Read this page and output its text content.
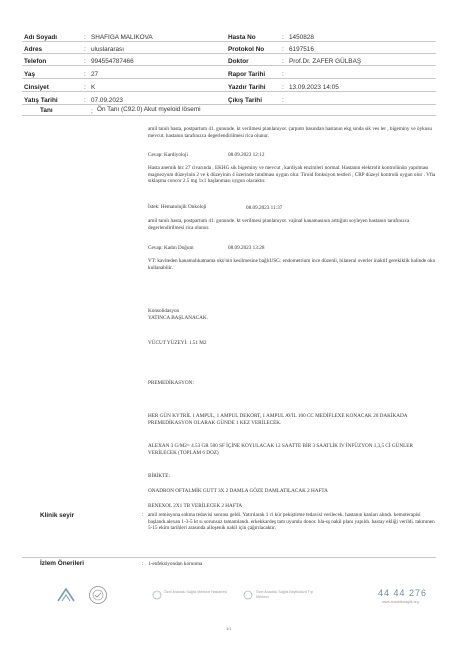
Adı Soyadı	: SHAFIGA MALIKOVA
Adres	: uluslararası
Telefon	: 994554787466
Yaş	: 27
Cinsiyet	: K
Yatış Tarihi	: 07.09.2023
Hasta No	: 1450828
Protokol No	: 6197516
Doktor	: Prof.Dr. ZAFER GÜLBAŞ
Rapor Tarihi	:
Yazdır Tarihi	: 13.09.2023 14:05
Çıkış Tarihi	:
Tanı	; Ön Tanı (C92.0) Akut myeloid lösemi
amil tanılı hasta, postpartum 41. gununde. kt verilmesi planlanıyor. çarpıntı basından hastanın ekg sında sik ves ler , bigeminy ve öykusu mevcut. hastanın tarafınızca degerlendirilmesi rica olunur.
Cevap: Kardiyoloji	08.09.2023 12:12
Hasta anemik htc 27 civarında , EKHG sik bigeminy ve mevcut , kardiyak enzimleri normal. Hastanın elektrolit kontrolünün yapılması magnezyum düzeyinin 2 ve k düzeyinin 4 üzerinde tutulması uygun olur. Tiroid fonksiyon testleri , CRP düzeyi kontrolü uygun olur . Vfia sıklaşma concor 2.5 mg 1x1 başlanması uygun olacaktır.
İstek: Hematolojik Onkoloji	08.09.2023 11:37
amil tanılı hasta, postpartum 41. gununde. kt verilmesi planlanıyor. vajinal kanamasının arttığını soyleyen hastanın tarafınızca degerlendirilmesi rica olunur.
Cevap: Kadın Doğum	08.09.2023 13:28
VT: kaviteden kanamalıkamama oko'nin kesilmesine bağlıUSG: endometrium ince düzenli, bilateral overler inaktif gerekiklik halinde oko kullanabilir.
Konsolidasyon
YATINCA BAŞLANACAK.
VÜCUT YÜZEYİ: 1.51 M2
PREMEDİKASYON:
HER GÜN KYTRİL 1 AMPUL, 1 AMPUL DEKORT, 1 AMPUL AVİL 100 CC MEDİFLEXE KONACAK 20 DAKİKADA PREMEDİKASYON OLARAK GÜNDE 1 KEZ VERİLECEK.
ALEXAN 3 G/M2= 4.53 GR 500 SF İÇİNE KOYULACAK 12 SAATTE BİR 3 SAATLİK İV İNFÜZYON 1,3,5 Cİ GÜNLER VERİLECEK (TOPLAM 6 DOZ)
BİRİKTE:
ONADRON OFTALMİK GUTT 3X 2 DAMLA GÖZE DAMLATILACAK 2 HAFTA
BENEXOL 2X1 TB VERİLECEK 2 HAFTA
Klinik seyir	: amil remisyona sokma tedavisi sonrası geldi. Yatırılarak 1 ci kür pekiştirme tedavisi verilecek. hastanın kanları alındı. kemoterapisi başlandı.alexan 1-3-5 kt sı sorunsuz tamamlandı. erkekkardeş tam uyumlu donor. hla-sş nakil planı yapıldı. hastay ekliği verildi. takmınen 5-15 ekim tarihleri arasında alloşenik nakil için çağırılacaktır.
İzlem Önerileri	: 1-enfeksiyondan korunma
Özel Anadolu Sağlık Merkezi Hastanesi	Özel Anadolu Sağlık Beylikdüzü Tıp Merkezi	44 44 276
www.anadolusaglik.org
1/1
